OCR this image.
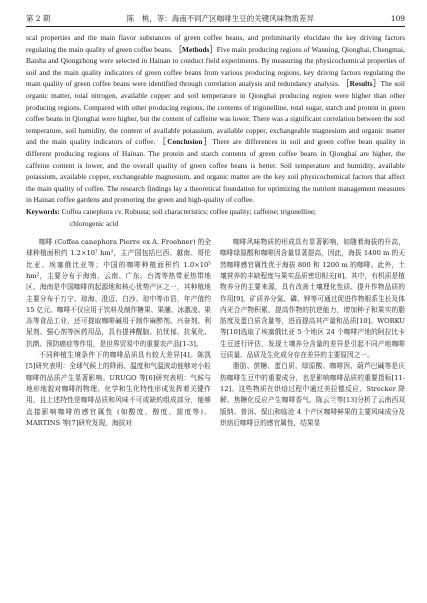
第 2 期	陈　桃，等：海南不同产区咖啡生豆的关键风味物质差异	109
scal properties and the main flavor substances of green coffee beans, and preliminarily elucidate the key driving factors regulating the main quality of green coffee beans. ［Methods］Five main producing regions of Wanning, Qionghai, Chengmai, Baisha and Qiongzhong were selected in Hainan to conduct field experiments. By measuring the physicochemical properties of soil and the main quality indicators of green coffee beans from various producing regions, key driving factors regulating the main quality of green coffee beans were identified through correlation analysis and redundancy analysis. ［Results］The soil organic matter, total nitrogen, available copper and soil temperature in Qionghai producing region were higher than other producing regions. Compared with other producing regions, the contents of trigonelline, total sugar, starch and protein in green coffee beans in Qionghai were higher, but the content of caffeine was lower. There was a significant correlation between the soil temperature, soil humidity, the content of available potassium, available copper, exchangeable magnesium and organic matter and the main quality indicators of coffee. ［Conclusion］There are differences in soil and green coffee bean quality in different producing regions of Hainan. The protein and starch contents of green coffee beans in Qionghai are higher, the caffeine content is lower, and the overall quality of green coffee beans is better. Soil temperature and humidity, available potassium, available copper, exchangeable magnesium, and organic matter are the key soil physicochemical factors that affect the main quality of coffee. The research findings lay a theoretical foundation for optimizing the nutrient management measures in Hainan coffee gardens and promoting the green and high-quality of coffee.
Keywords: Coffea canephora cv. Robusta; soil characteristics; coffee quality; caffeine; trigonelline;
chlorogenic acid

咖啡 (Coffea canephora Pierre ex A. Froehner) 的全球种植面积约 1.2×10⁷ hm²，主产国包括巴西、越南、哥伦比亚、埃塞俄比亚等；中国的咖啡种植面积约 1.0×10⁵ hm²，主要分布于海南、云南、广东、台湾等热带亚热带地区。海南是中国咖啡的起源地和核心优势产区之一，其种植地主要分布于万宁、琼海、澄迈、白沙、琼中等市县，年产值约 15 亿元。咖啡不仅应用于饮料及制作糖果、果脯、冰激凌、果冻等食品工业，还可提取咖啡碱用于制作麻醉剂、兴奋剂、利尿剂、强心剂等医药用品，具有提神醒脑、抗忧郁、抗氧化、抗菌、预防癌症等作用，是世界贸易中的重要农产品[1-3]。

不同种植生境条件下的咖啡品质具有较大差异[4]。陈凯[5]研究表明：全球气候上的降雨、温度和气温波动能够对小粒咖啡的品质产生显著影响。URUGO 等[6]研究表明：气候与地形地貌对咖啡的物理、化学和生化特性形成发挥着关键作用，且上述特性是咖啡品质和风味不可或缺的组成部分，能够直接影响咖啡的感官属性 (如酸度、醇度、甜度等)。MARTINS 等[7]研究发现，海拔对

咖啡风味物质的形成具有显著影响，如随着海拔的升高，咖啡绿原酸和咖啡因含量显著提高，因此，海拔 1400 m 的天然咖啡感官属性优于海拔 800 和 1200 m 的咖啡。此外，土壤营养的丰缺程度与果实品质密切相关[8]。其中，有机质是植物养分的主要来源，具有改善土壤理化性质、提升作物品质的作用[9]，矿质养分氮、磷、钾等可通过促进作物根系生长及体内光合产物积累，提高作物的抗逆能力，增加种子和果实的脂肪度及蛋白质含量等，进而提高其产量和品质[10]。WORKU 等[10]选取了埃塞俄比亚 5 个地区 24 个咖啡产地的阿拉比卡生豆进行评估，发现土壤养分含量的差异是引起不同产地咖啡豆质量、品质及生化成分存在差异的主要原因之一。

脂肪、蔗糖、蛋白质、绿原酸、咖啡因、葫芦巴碱等是庆热咖啡生豆中的重要成分，也是影响咖啡品质的重要指标[11-12]。这些物质在烘焙过程中通过美拉德反应、Strecker 降解、焦糖化反应产生咖啡香气。陈云兰等[13]分析了云南西双版纳、普洱、保山和临沧 4 个产区咖啡鲜果的主要风味成分及烘焙后咖啡豆的感官属性，结果显
